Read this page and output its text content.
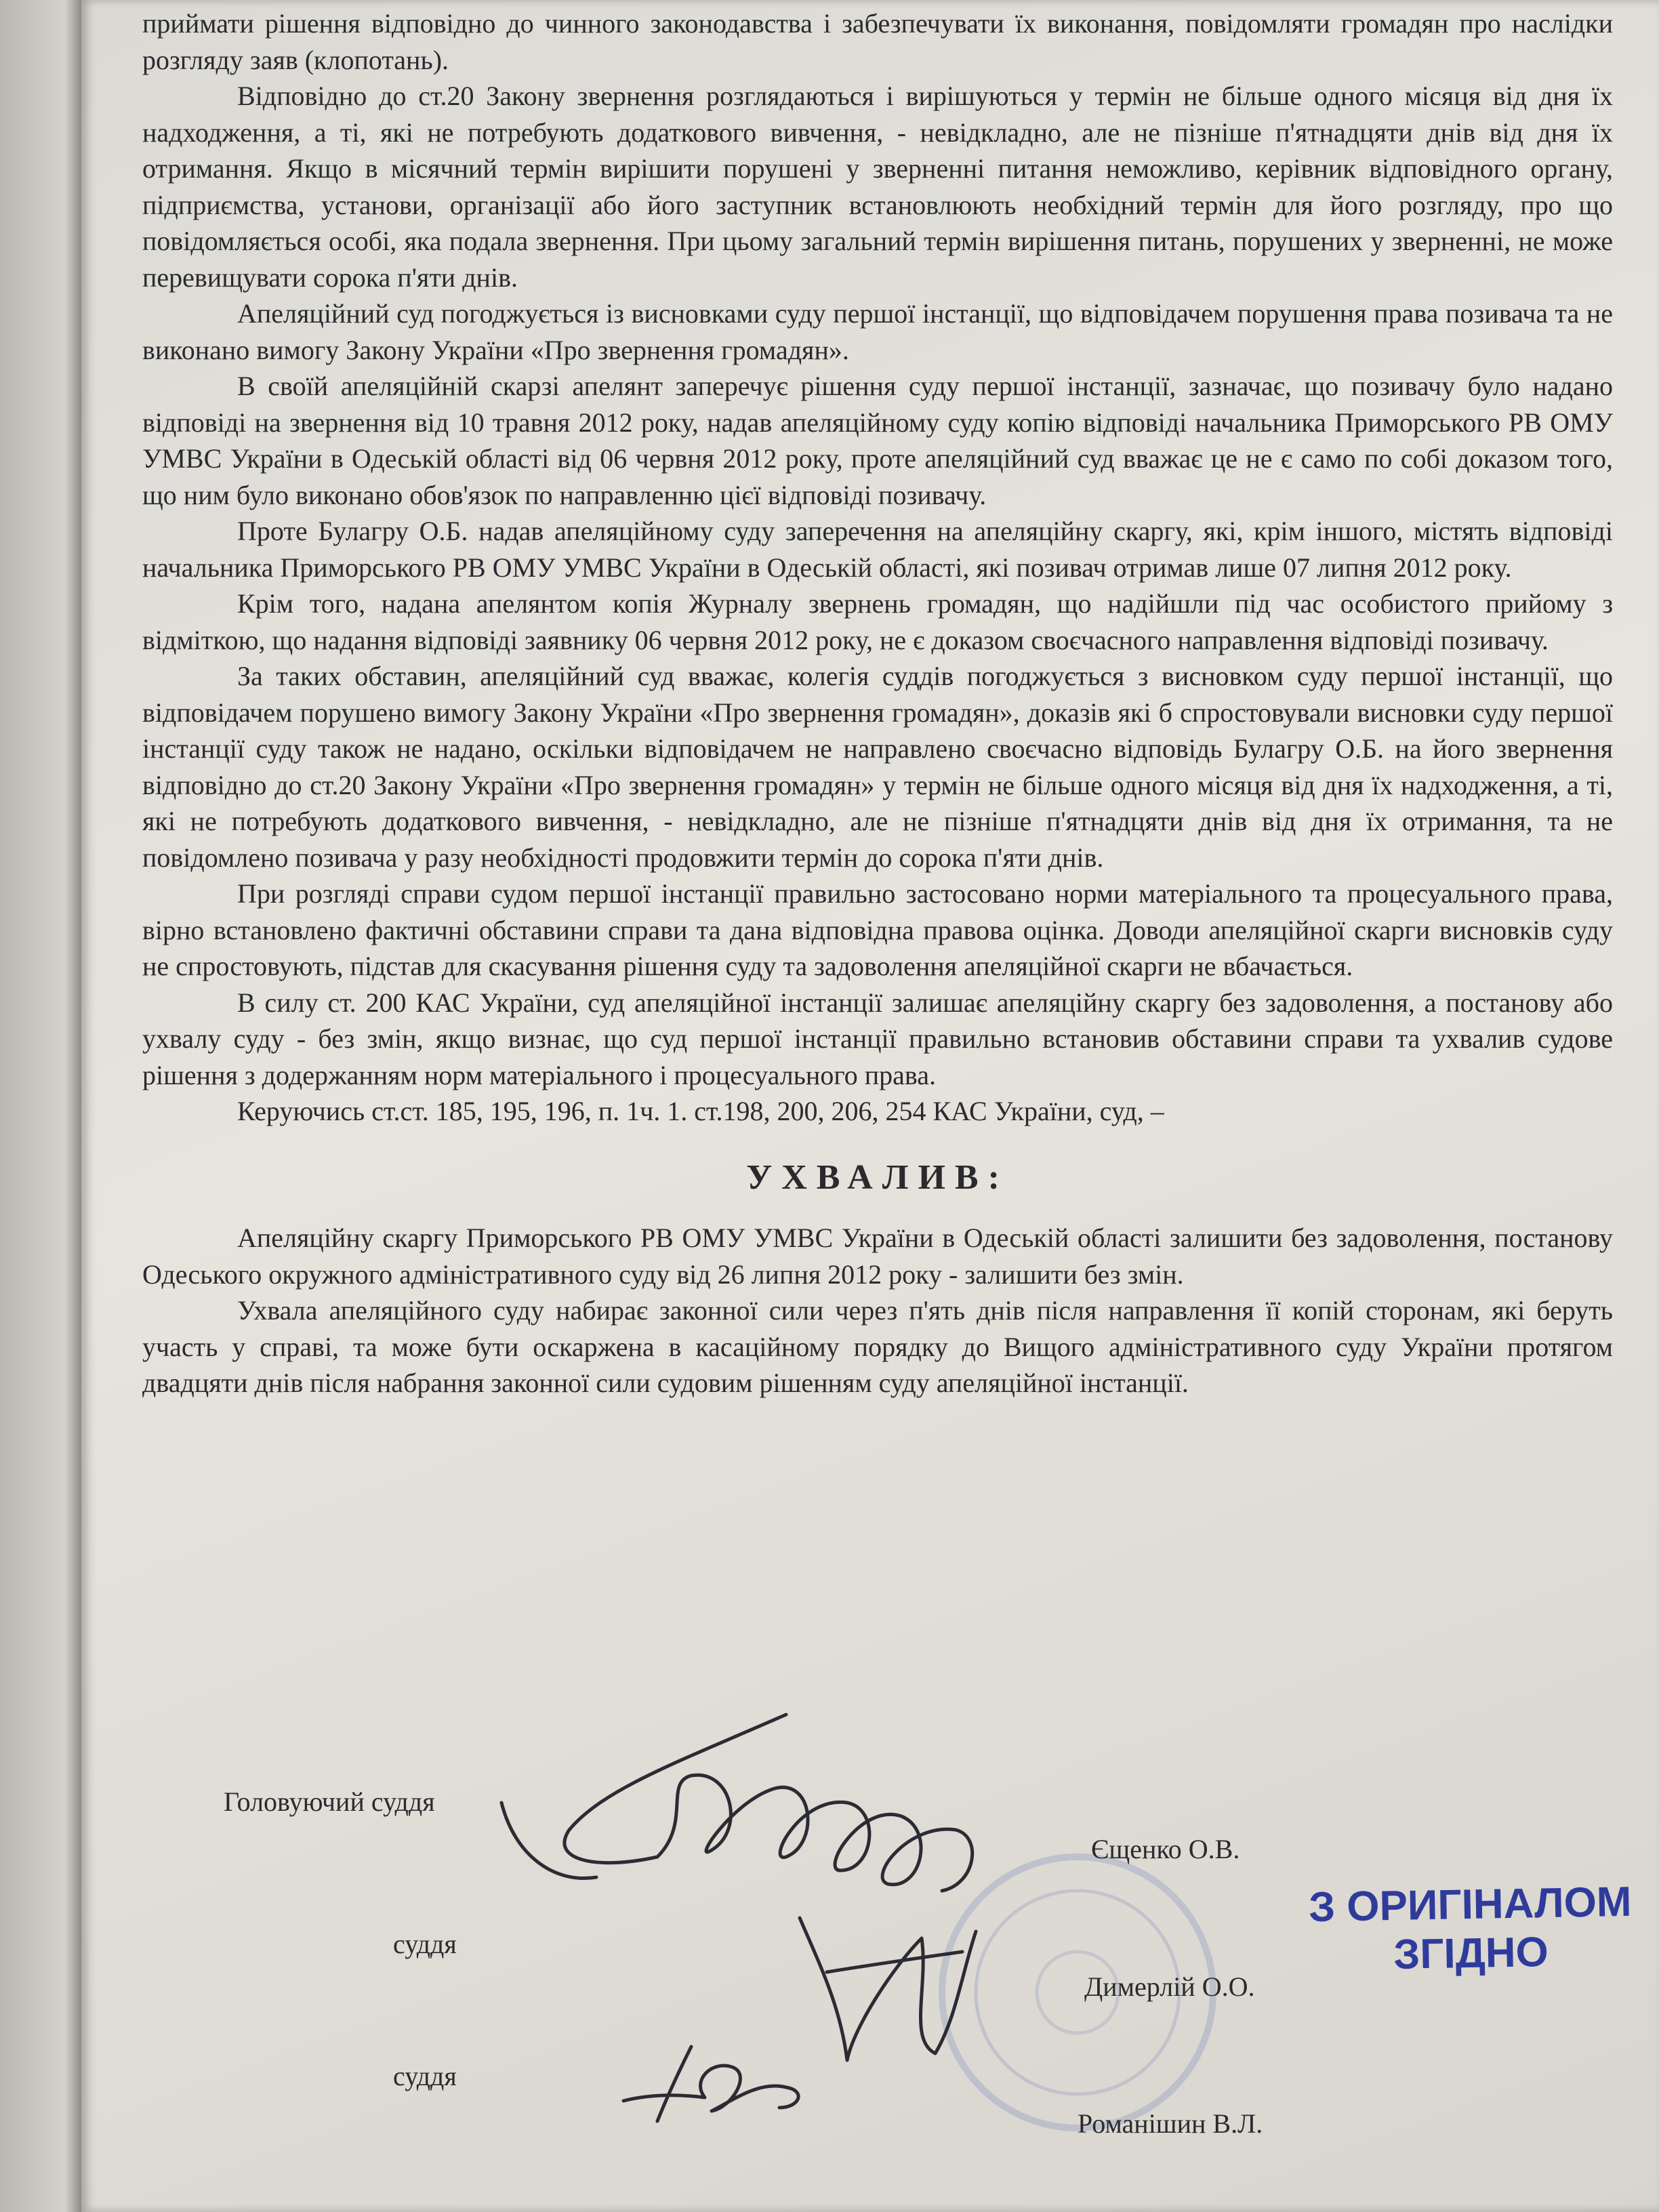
приймати рішення відповідно до чинного законодавства і забезпечувати їх виконання, повідомляти громадян про наслідки розгляду заяв (клопотань).

Відповідно до ст.20 Закону звернення розглядаються і вирішуються у термін не більше одного місяця від дня їх надходження, а ті, які не потребують додаткового вивчення, - невідкладно, але не пізніше п'ятнадцяти днів від дня їх отримання. Якщо в місячний термін вирішити порушені у зверненні питання неможливо, керівник відповідного органу, підприємства, установи, організації або його заступник встановлюють необхідний термін для його розгляду, про що повідомляється особі, яка подала звернення. При цьому загальний термін вирішення питань, порушених у зверненні, не може перевищувати сорока п'яти днів.

Апеляційний суд погоджується із висновками суду першої інстанції, що відповідачем порушення права позивача та не виконано вимогу Закону України «Про звернення громадян».

В своїй апеляційній скарзі апелянт заперечує рішення суду першої інстанції, зазначає, що позивачу було надано відповіді на звернення від 10 травня 2012 року, надав апеляційному суду копію відповіді начальника Приморського РВ ОМУ УМВС України в Одеській області від 06 червня 2012 року, проте апеляційний суд вважає це не є само по собі доказом того, що ним було виконано обов'язок по направленню цієї відповіді позивачу.

Проте Булагру О.Б. надав апеляційному суду заперечення на апеляційну скаргу, які, крім іншого, містять відповіді начальника Приморського РВ ОМУ УМВС України в Одеській області, які позивач отримав лише 07 липня 2012 року.

Крім того, надана апелянтом копія Журналу звернень громадян, що надійшли під час особистого прийому з відміткою, що надання відповіді заявнику 06 червня 2012 року, не є доказом своєчасного направлення відповіді позивачу.

За таких обставин, апеляційний суд вважає, колегія суддів погоджується з висновком суду першої інстанції, що відповідачем порушено вимогу Закону України «Про звернення громадян», доказів які б спростовували висновки суду першої інстанції суду також не надано, оскільки відповідачем не направлено своєчасно відповідь Булагру О.Б. на його звернення відповідно до ст.20 Закону України «Про звернення громадян» у термін не більше одного місяця від дня їх надходження, а ті, які не потребують додаткового вивчення, - невідкладно, але не пізніше п'ятнадцяти днів від дня їх отримання, та не повідомлено позивача у разу необхідності продовжити термін до сорока п'яти днів.

При розгляді справи судом першої інстанції правильно застосовано норми матеріального та процесуального права, вірно встановлено фактичні обставини справи та дана відповідна правова оцінка. Доводи апеляційної скарги висновків суду не спростовують, підстав для скасування рішення суду та задоволення апеляційної скарги не вбачається.

В силу ст. 200 КАС України, суд апеляційної інстанції залишає апеляційну скаргу без задоволення, а постанову або ухвалу суду - без змін, якщо визнає, що суд першої інстанції правильно встановив обставини справи та ухвалив судове рішення з додержанням норм матеріального і процесуального права.

Керуючись ст.ст. 185, 195, 196, п. 1ч. 1. ст.198, 200, 206, 254 КАС України, суд, –

УХВАЛИВ:

Апеляційну скаргу Приморського РВ ОМУ УМВС України в Одеській області залишити без задоволення, постанову Одеського окружного адміністративного суду від 26 липня 2012 року - залишити без змін.

Ухвала апеляційного суду набирає законної сили через п'ять днів після направлення її копій сторонам, які беруть участь у справі, та може бути оскаржена в касаційному порядку до Вищого адміністративного суду України протягом двадцяти днів після набрання законної сили судовим рішенням суду апеляційної інстанції.

Головуючий суддя
Єщенко О.В.
суддя
Димерлій О.О.
суддя
Романішин В.Л.
З ОРИГІНАЛОМ
ЗГІДНО
